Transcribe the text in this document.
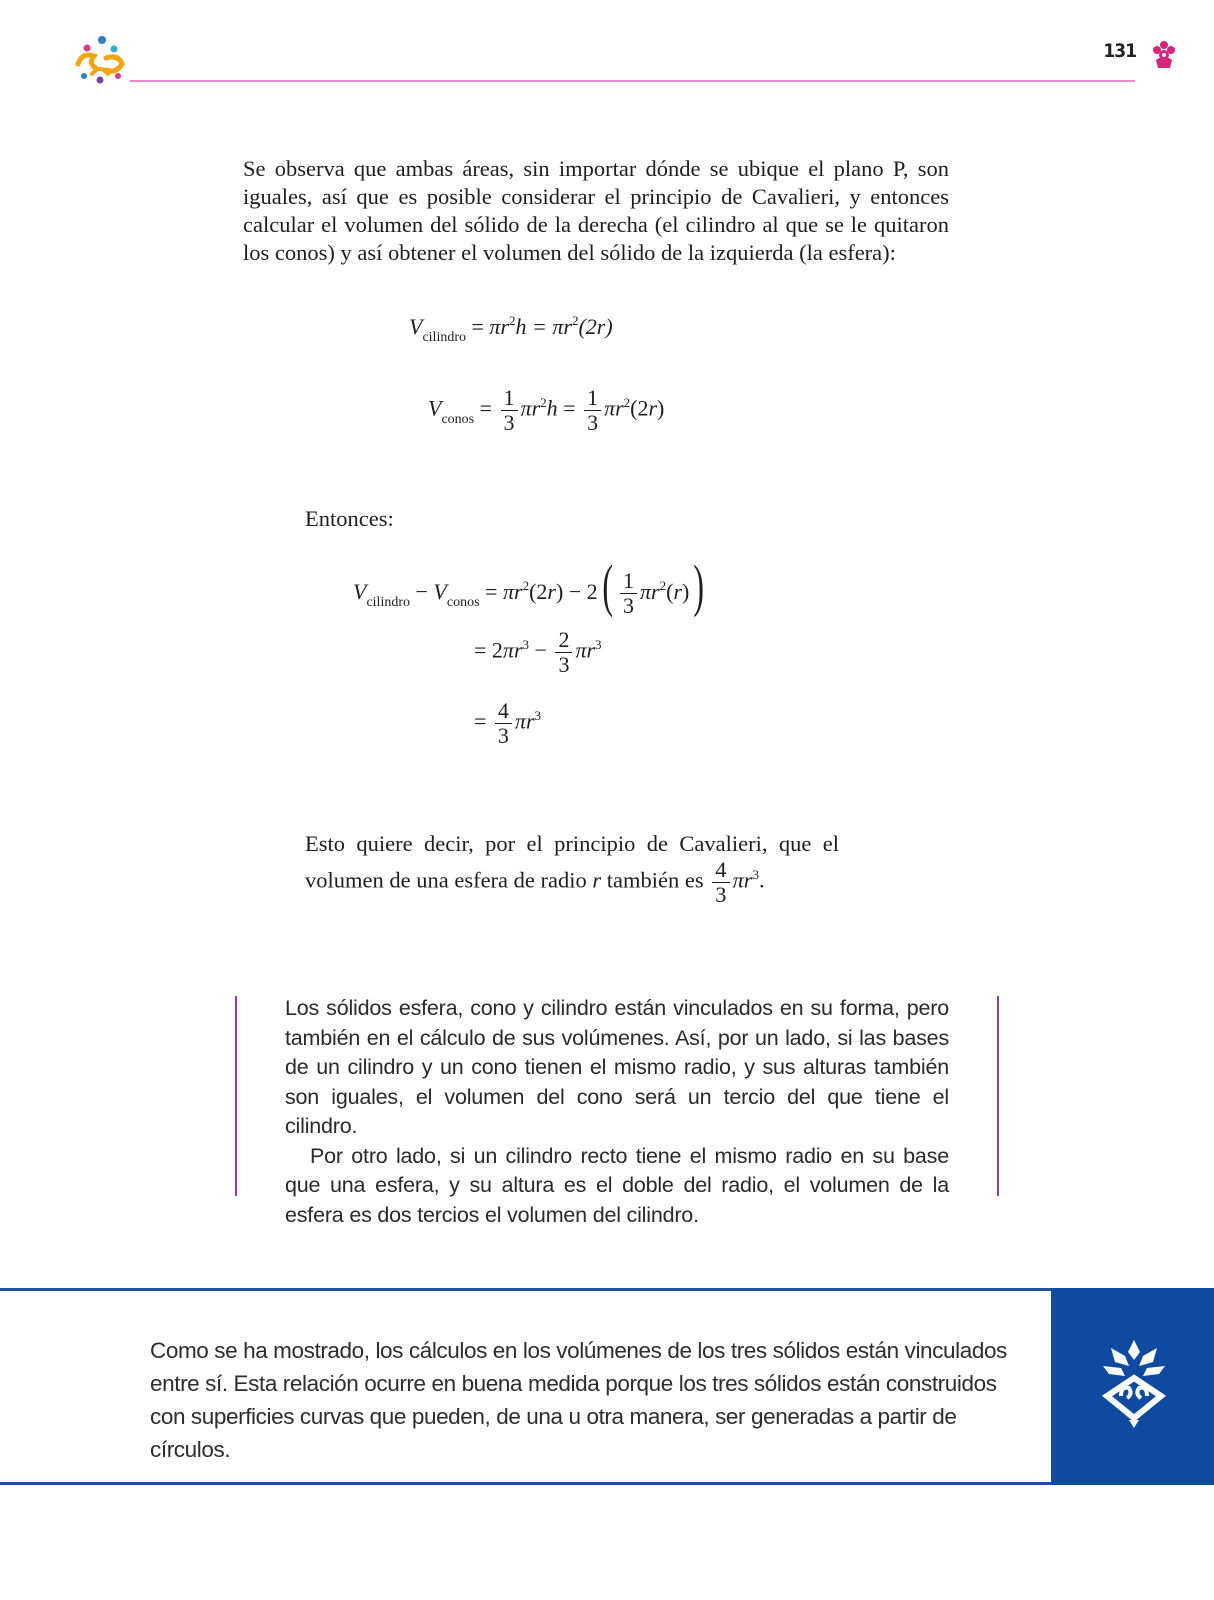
131
Se observa que ambas áreas, sin importar dónde se ubique el plano P, son iguales, así que es posible considerar el principio de Cavalieri, y entonces calcular el volumen del sólido de la derecha (el cilindro al que se le quitaron los conos) y así obtener el volumen del sólido de la izquierda (la esfera):
$V_{cilindro} = \pi r^2h = \pi r^2(2r)$
$V_{conos} = \frac{1}{3} \pi r^2h = \frac{1}{3} \pi r^2(2r)$
Entonces:
$V_{cilindro} - V_{conos} = \pi r^2(2r) - 2( \frac{1}{3} \pi r^2(r))$
= $2\pi r^3 - \frac{2}{3} \pi r^3$
= $\frac{4}{3} \pi r^3$
Esto quiere decir, por el principio de Cavalieri, que el
volumen de una esfera de radio r también es $\frac{4}{3} \pi r^3$.

Los sólidos esfera, cono y cilindro están vinculados en su forma, pero también en el cálculo de sus volúmenes. Así, por un lado, si las bases de un cilindro y un cono tienen el mismo radio, y sus alturas también son iguales, el volumen del cono será un tercio del que tiene el cilindro.

Por otro lado, si un cilindro recto tiene el mismo radio en su base que una esfera, y su altura es el doble del radio, el volumen de la esfera es dos tercios el volumen del cilindro.

Como se ha mostrado, los cálculos en los volúmenes de los tres sólidos están vinculados entre sí. Esta relación ocurre en buena medida porque los tres sólidos están construidos con superficies curvas que pueden, de una u otra manera, ser generadas a partir de círculos.
